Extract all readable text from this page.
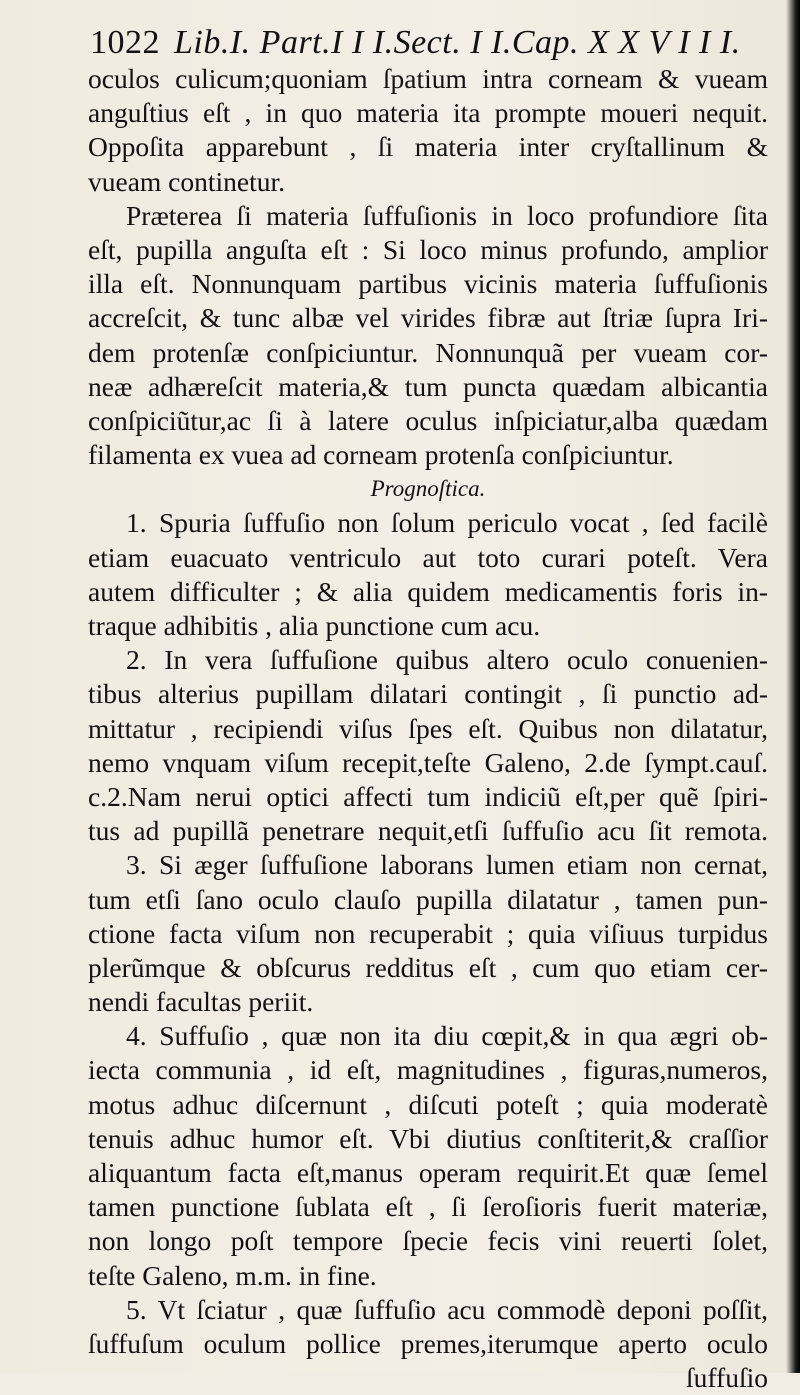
1022 Lib.I. Part.I I I.Sect. I I.Cap. X X V I I I.
oculos culicum;quoniam ſpatium intra corneam & vueam
anguſtius eſt , in quo materia ita prompte moueri nequit.
Oppoſita apparebunt , ſi materia inter cryſtallinum &
vueam continetur.
Præterea ſi materia ſuffuſionis in loco profundiore ſita
eſt, pupilla anguſta eſt : Si loco minus profundo, amplior
illa eſt. Nonnunquam partibus vicinis materia ſuffuſionis
accreſcit, & tunc albæ vel virides fibræ aut ſtriæ ſupra Iri-
dem protenſæ conſpiciuntur. Nonnunquã per vueam cor-
neæ adhæreſcit materia,& tum puncta quædam albicantia
conſpiciũtur,ac ſi à latere oculus inſpiciatur,alba quædam
filamenta ex vuea ad corneam protenſa conſpiciuntur.
Prognoſtica.
1. Spuria ſuffuſio non ſolum periculo vocat , ſed facilè
etiam euacuato ventriculo aut toto curari poteſt. Vera
autem difficulter ; & alia quidem medicamentis foris in-
traque adhibitis , alia punctione cum acu.
2. In vera ſuffuſione quibus altero oculo conuenien-
tibus alterius pupillam dilatari contingit , ſi punctio ad-
mittatur , recipiendi viſus ſpes eſt. Quibus non dilatatur,
nemo vnquam viſum recepit,teſte Galeno, 2.de ſympt.cauſ.
c.2.Nam nerui optici affecti tum indiciũ eſt,per quẽ ſpiri-
tus ad pupillã penetrare nequit,etſi ſuffuſio acu ſit remota.
3. Si æger ſuffuſione laborans lumen etiam non cernat,
tum etſi ſano oculo clauſo pupilla dilatatur , tamen pun-
ctione facta viſum non recuperabit ; quia viſiuus turpidus
plerũmque & obſcurus redditus eſt , cum quo etiam cer-
nendi facultas periit.
4. Suffuſio , quæ non ita diu cœpit,& in qua ægri ob-
iecta communia , id eſt, magnitudines , figuras,numeros,
motus adhuc diſcernunt , diſcuti poteſt ; quia moderatè
tenuis adhuc humor eſt. Vbi diutius conſtiterit,& craſſior
aliquantum facta eſt,manus operam requirit.Et quæ ſemel
tamen punctione ſublata eſt , ſi ſeroſioris fuerit materiæ,
non longo poſt tempore ſpecie fecis vini reuerti ſolet,
teſte Galeno, m.m. in fine.
5. Vt ſciatur , quæ ſuffuſio acu commodè deponi poſſit,
ſuffuſum oculum pollice premes,iterumque aperto oculo
ſuffuſio
